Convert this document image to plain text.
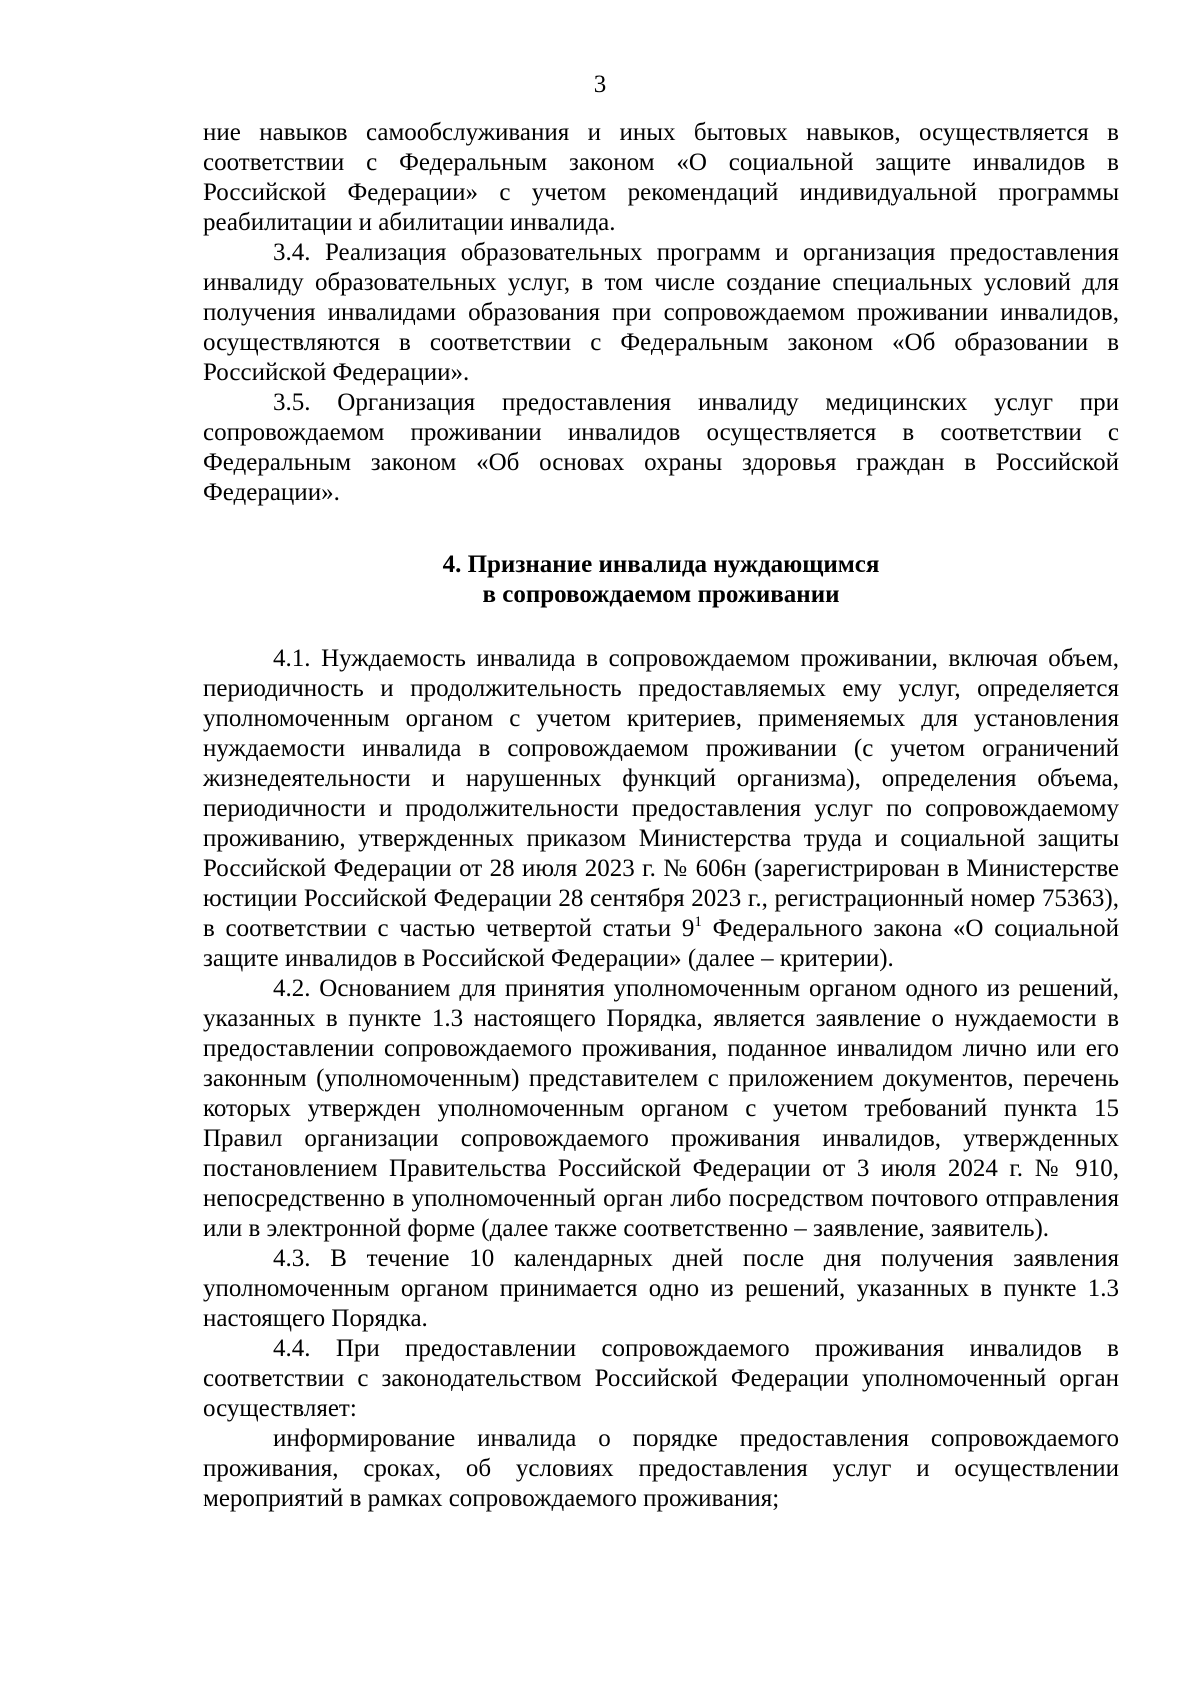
3

ние навыков самообслуживания и иных бытовых навыков, осуществляется в соответствии с Федеральным законом «О социальной защите инвалидов в Российской Федерации» с учетом рекомендаций индивидуальной программы реабилитации и абилитации инвалида.

3.4. Реализация образовательных программ и организация предоставления инвалиду образовательных услуг, в том числе создание специальных условий для получения инвалидами образования при сопровождаемом проживании инвалидов, осуществляются в соответствии с Федеральным законом «Об образовании в Российской Федерации».

3.5. Организация предоставления инвалиду медицинских услуг при сопровождаемом проживании инвалидов осуществляется в соответствии с Федеральным законом «Об основах охраны здоровья граждан в Российской Федерации».

4. Признание инвалида нуждающимся
в сопровождаемом проживании

4.1. Нуждаемость инвалида в сопровождаемом проживании, включая объем, периодичность и продолжительность предоставляемых ему услуг, определяется уполномоченным органом с учетом критериев, применяемых для установления нуждаемости инвалида в сопровождаемом проживании (с учетом ограничений жизнедеятельности и нарушенных функций организма), определения объема, периодичности и продолжительности предоставления услуг по сопровождаемому проживанию, утвержденных приказом Министерства труда и социальной защиты Российской Федерации от 28 июля 2023 г. № 606н (зарегистрирован в Министерстве юстиции Российской Федерации 28 сентября 2023 г., регистрационный номер 75363), в соответствии с частью четвертой статьи $9^1$ Федерального закона «О социальной защите инвалидов в Российской Федерации» (далее – критерии).

4.2. Основанием для принятия уполномоченным органом одного из решений, указанных в пункте 1.3 настоящего Порядка, является заявление о нуждаемости в предоставлении сопровождаемого проживания, поданное инвалидом лично или его законным (уполномоченным) представителем с приложением документов, перечень которых утвержден уполномоченным органом с учетом требований пункта 15 Правил организации сопровождаемого проживания инвалидов, утвержденных постановлением Правительства Российской Федерации от 3 июля 2024 г. № 910, непосредственно в уполномоченный орган либо посредством почтового отправления или в электронной форме (далее также соответственно – заявление, заявитель).

4.3. В течение 10 календарных дней после дня получения заявления уполномоченным органом принимается одно из решений, указанных в пункте 1.3 настоящего Порядка.

4.4. При предоставлении сопровождаемого проживания инвалидов в соответствии с законодательством Российской Федерации уполномоченный орган осуществляет:

информирование инвалида о порядке предоставления сопровождаемого проживания, сроках, об условиях предоставления услуг и осуществлении мероприятий в рамках сопровождаемого проживания;
